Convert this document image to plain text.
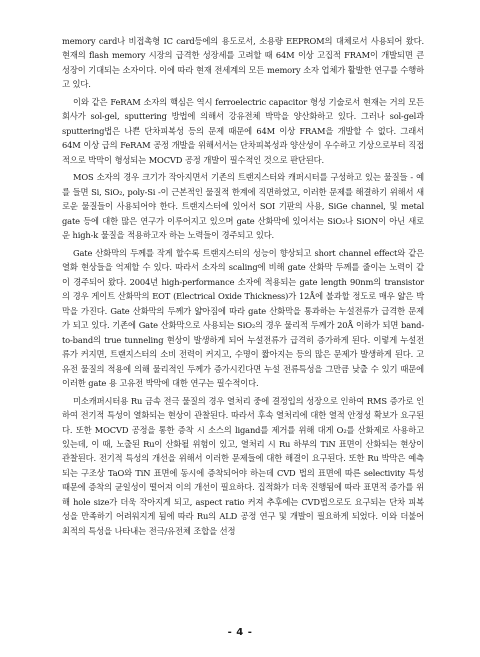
memory card나 비접촉형 IC card등에의 용도로서, 소용량 EEPROM의 대체로서 사용되어 왔다. 현재의 flash memory 시장의 급격한 성장세를 고려할 때 64M 이상 고집적 FRAM이 개발되면 큰 성장이 기대되는 소자이다. 이에 따라 현재 전세계의 모든 memory 소자 업체가 활발한 연구를 수행하고 있다.

이와 같은 FeRAM 소자의 핵심은 역시 ferroelectric capacitor 형성 기술로서 현재는 거의 모든 회사가 sol-gel, sputtering 방법에 의해서 강유전체 박막을 양산화하고 있다. 그러나 sol-gel과 sputtering법은 나쁜 단차피복성 등의 문제 때문에 64M 이상 FRAM을 개발할 수 없다. 그래서 64M 이상 급의 FeRAM 공정 개발을 위해서서는 단차피복성과 양산성이 우수하고 기상으로부터 직접적으로 박막이 형성되는 MOCVD 공정 개발이 필수적인 것으로 판단된다.

MOS 소자의 경우 크기가 작아지면서 기존의 트랜지스터와 캐퍼시터를 구성하고 있는 물질들 - 예를 들면 Si, SiO₂, poly-Si -이 근본적인 물질적 한계에 직면하였고, 이러한 문제를 해결하기 위해서 새로운 물질들이 사용되어야 한다. 트랜지스터에 있어서 SOI 기판의 사용, SiGe channel, 및 metal gate 등에 대한 많은 연구가 이루어지고 있으며 gate 산화막에 있어서는 SiO₂나 SiON이 아닌 새로운 high-k 물질을 적용하고자 하는 노력들이 경주되고 있다.

Gate 산화막의 두께를 작게 할수록 트랜지스터의 성능이 향상되고 short channel effect와 같은 열화 현상들을 억제할 수 있다. 따라서 소자의 scaling에 비해 gate 산화막 두께를 줄이는 노력이 같이 경주되어 왔다. 2004년 high-performance 소자에 적용되는 gate length 90nm의 transistor의 경우 게이트 산화막의 EOT (Electrical Oxide Thickness)가 12Å에 불과할 정도로 매우 얇은 박막을 가진다. Gate 산화막의 두께가 얇아짐에 따라 gate 산화막을 통과하는 누설전류가 급격한 문제가 되고 있다. 기존에 Gate 산화막으로 사용되는 SiO₂의 경우 물리적 두께가 20Å 이하가 되면 band-to-band의 true tunneling 현상이 발생하게 되어 누설전류가 급격히 증가하게 된다. 이렇게 누설전류가 커지면, 트랜지스터의 소비 전력이 커지고, 수명이 짧아지는 등의 많은 문제가 발생하게 된다. 고유전 물질의 적용에 의해 물리적인 두께가 증가시킨다면 누설 전류특성을 그만큼 낮출 수 있기 때문에 이러한 gate 용 고유전 박막에 대한 연구는 필수적이다.

미소캐퍼시터용 Ru 금속 전극 물질의 경우 열처리 중에 결정입의 성장으로 인하여 RMS 증가로 인하여 전기적 특성이 열화되는 현상이 관찰된다. 따라서 후속 열처리에 대한 열적 안정성 확보가 요구된다. 또한 MOCVD 공정을 통한 증착 시 소스의 ligand를 제거를 위해 대게 O₂를 산화제로 사용하고 있는데, 이 때, 노출된 Ru이 산화될 위험이 있고, 열처리 시 Ru 하부의 TiN 표면이 산화되는 현상이 관찰된다. 전기적 특성의 개선을 위해서 이러한 문제들에 대한 해결이 요구된다. 또한 Ru 박막은 예측되는 구조상 TaO와 TiN 표면에 동시에 증착되어야 하는데 CVD 법의 표면에 따른 selectivity 특성 때문에 증착의 균일성이 떨어져 이의 개선이 필요하다. 집적화가 더욱 진행됨에 따라 표면적 증가를 위해 hole size가 더욱 작아지게 되고, aspect ratio 커져 추후에는 CVD법으로도 요구되는 단차 피복성을 만족하기 어려워지게 됨에 따라 Ru의 ALD 공정 연구 및 개발이 필요하게 되었다. 이와 더불어 최적의 특성을 나타내는 전극/유전체 조합을 선정

- 4 -
